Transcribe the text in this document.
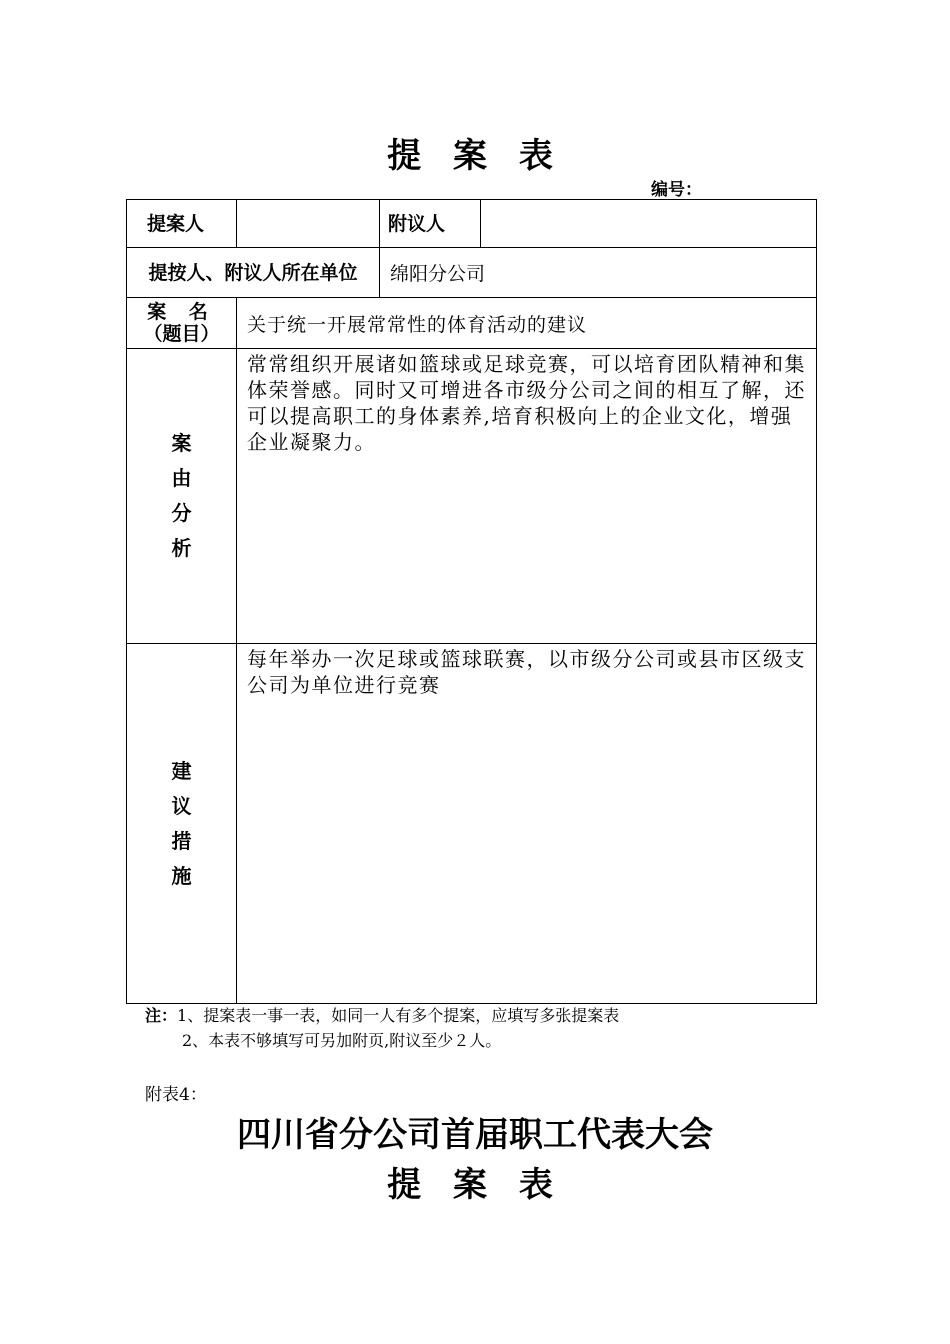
提 案 表
编号：
提案人		附议人	
提按人、附议人所在单位		绵阳分公司	

案 名
（题目）	关于统一开展常常性的体育活动的建议		

案
由
分
析	常常组织开展诸如篮球或足球竞赛，可以培育团队精神和集体荣誉感。同时又可增进各市级分公司之间的相互了解，还可以提高职工的身体素养,培育积极向上的企业文化，增强企业凝聚力。		

建
议
措
施	每年举办一次足球或篮球联赛，以市级分公司或县市区级支公司为单位进行竞赛		
注：1、提案表一事一表，如同一人有多个提案，应填写多张提案表
2、本表不够填写可另加附页,附议至少２人。
附表4：
四川省分公司首届职工代表大会
提 案 表
